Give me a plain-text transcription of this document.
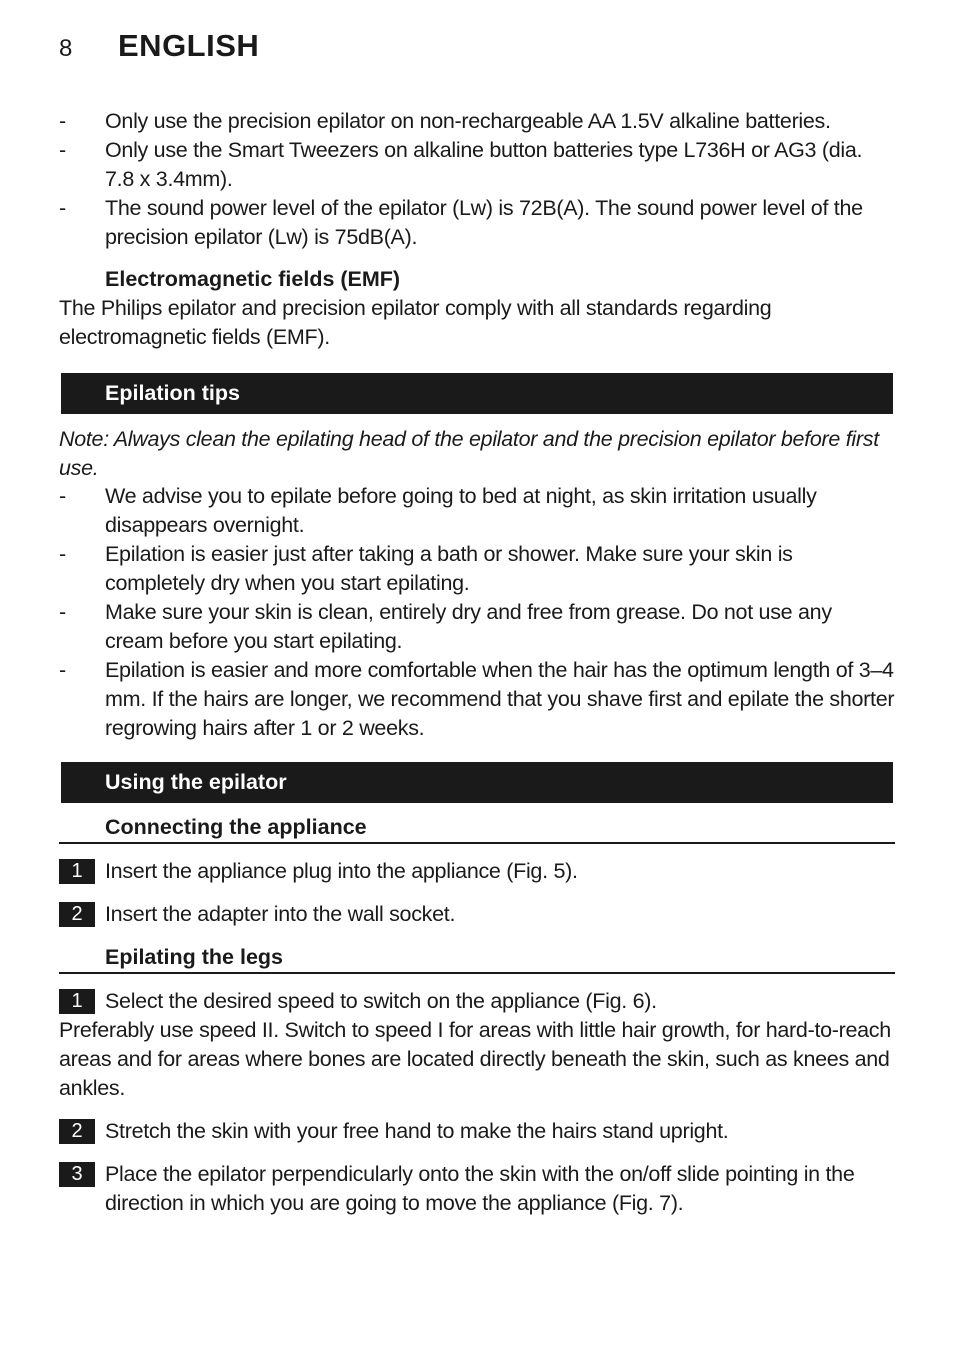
8	ENGLISH
- Only use the precision epilator on non-rechargeable AA 1.5V alkaline batteries.
- Only use the Smart Tweezers on alkaline button batteries type L736H or AG3 (dia. 7.8 x 3.4mm).
- The sound power level of the epilator (Lw) is 72B(A). The sound power level of the precision epilator (Lw) is 75dB(A).
Electromagnetic fields (EMF)
The Philips epilator and precision epilator comply with all standards regarding electromagnetic fields (EMF).
Epilation tips
Note: Always clean the epilating head of the epilator and the precision epilator before first use.
- We advise you to epilate before going to bed at night, as skin irritation usually disappears overnight.
- Epilation is easier just after taking a bath or shower. Make sure your skin is completely dry when you start epilating.
- Make sure your skin is clean, entirely dry and free from grease. Do not use any cream before you start epilating.
- Epilation is easier and more comfortable when the hair has the optimum length of 3–4 mm. If the hairs are longer, we recommend that you shave first and epilate the shorter regrowing hairs after 1 or 2 weeks.
Using the epilator
Connecting the appliance
1	Insert the appliance plug into the appliance (Fig. 5).
2	Insert the adapter into the wall socket.
Epilating the legs
1	Select the desired speed to switch on the appliance (Fig. 6).
Preferably use speed II. Switch to speed I for areas with little hair growth, for hard-to-reach areas and for areas where bones are located directly beneath the skin, such as knees and ankles.
2	Stretch the skin with your free hand to make the hairs stand upright.
3	Place the epilator perpendicularly onto the skin with the on/off slide pointing in the direction in which you are going to move the appliance (Fig. 7).
